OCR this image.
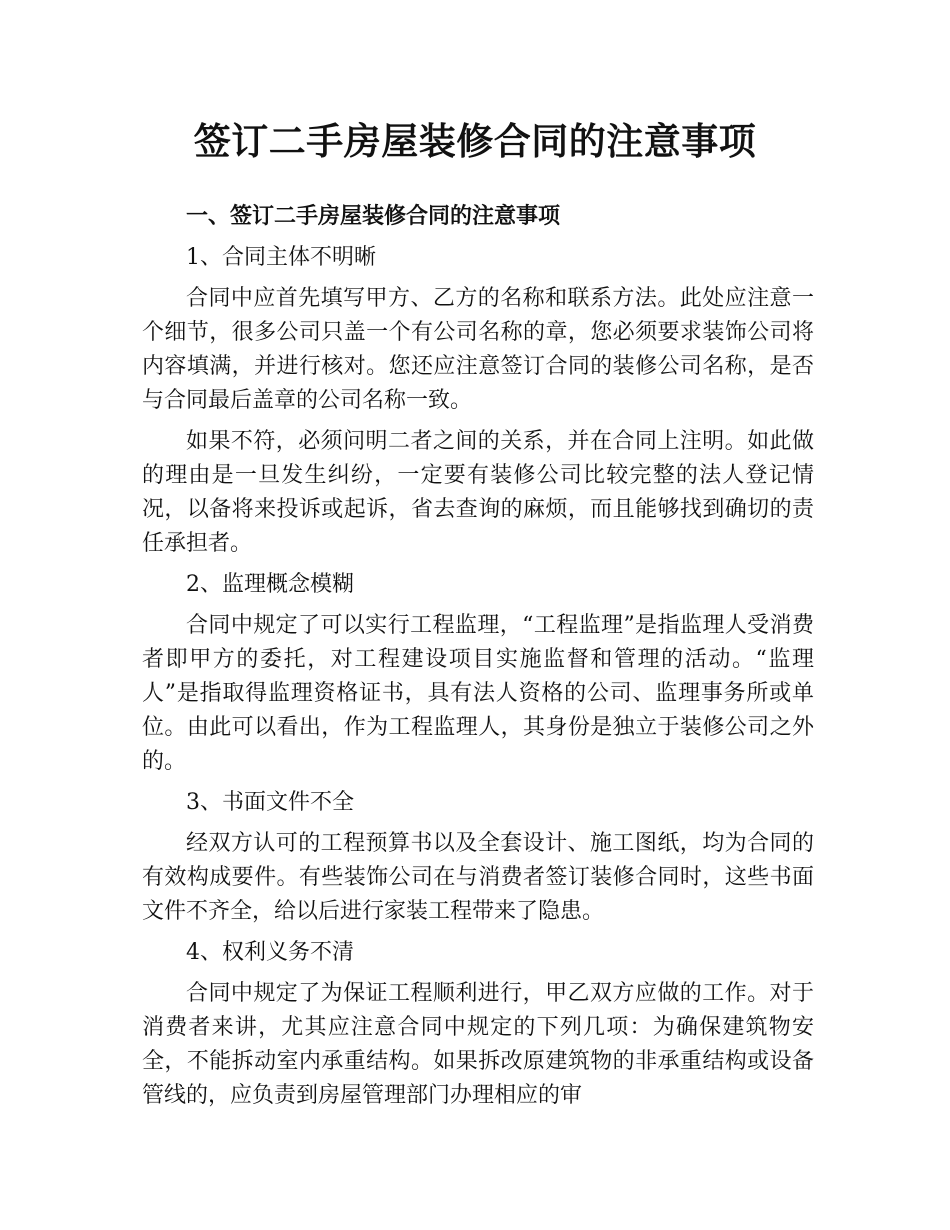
签订二手房屋装修合同的注意事项

一、签订二手房屋装修合同的注意事项

1、合同主体不明晰

合同中应首先填写甲方、乙方的名称和联系方法。此处应注意一个细节，很多公司只盖一个有公司名称的章，您必须要求装饰公司将内容填满，并进行核对。您还应注意签订合同的装修公司名称，是否与合同最后盖章的公司名称一致。

如果不符，必须问明二者之间的关系，并在合同上注明。如此做的理由是一旦发生纠纷，一定要有装修公司比较完整的法人登记情况，以备将来投诉或起诉，省去查询的麻烦，而且能够找到确切的责任承担者。

2、监理概念模糊

合同中规定了可以实行工程监理，“工程监理”是指监理人受消费者即甲方的委托，对工程建设项目实施监督和管理的活动。“监理人”是指取得监理资格证书，具有法人资格的公司、监理事务所或单位。由此可以看出，作为工程监理人，其身份是独立于装修公司之外的。

3、书面文件不全

经双方认可的工程预算书以及全套设计、施工图纸，均为合同的有效构成要件。有些装饰公司在与消费者签订装修合同时，这些书面文件不齐全，给以后进行家装工程带来了隐患。

4、权利义务不清

合同中规定了为保证工程顺利进行，甲乙双方应做的工作。对于消费者来讲，尤其应注意合同中规定的下列几项：为确保建筑物安全，不能拆动室内承重结构。如果拆改原建筑物的非承重结构或设备管线的，应负责到房屋管理部门办理相应的审
